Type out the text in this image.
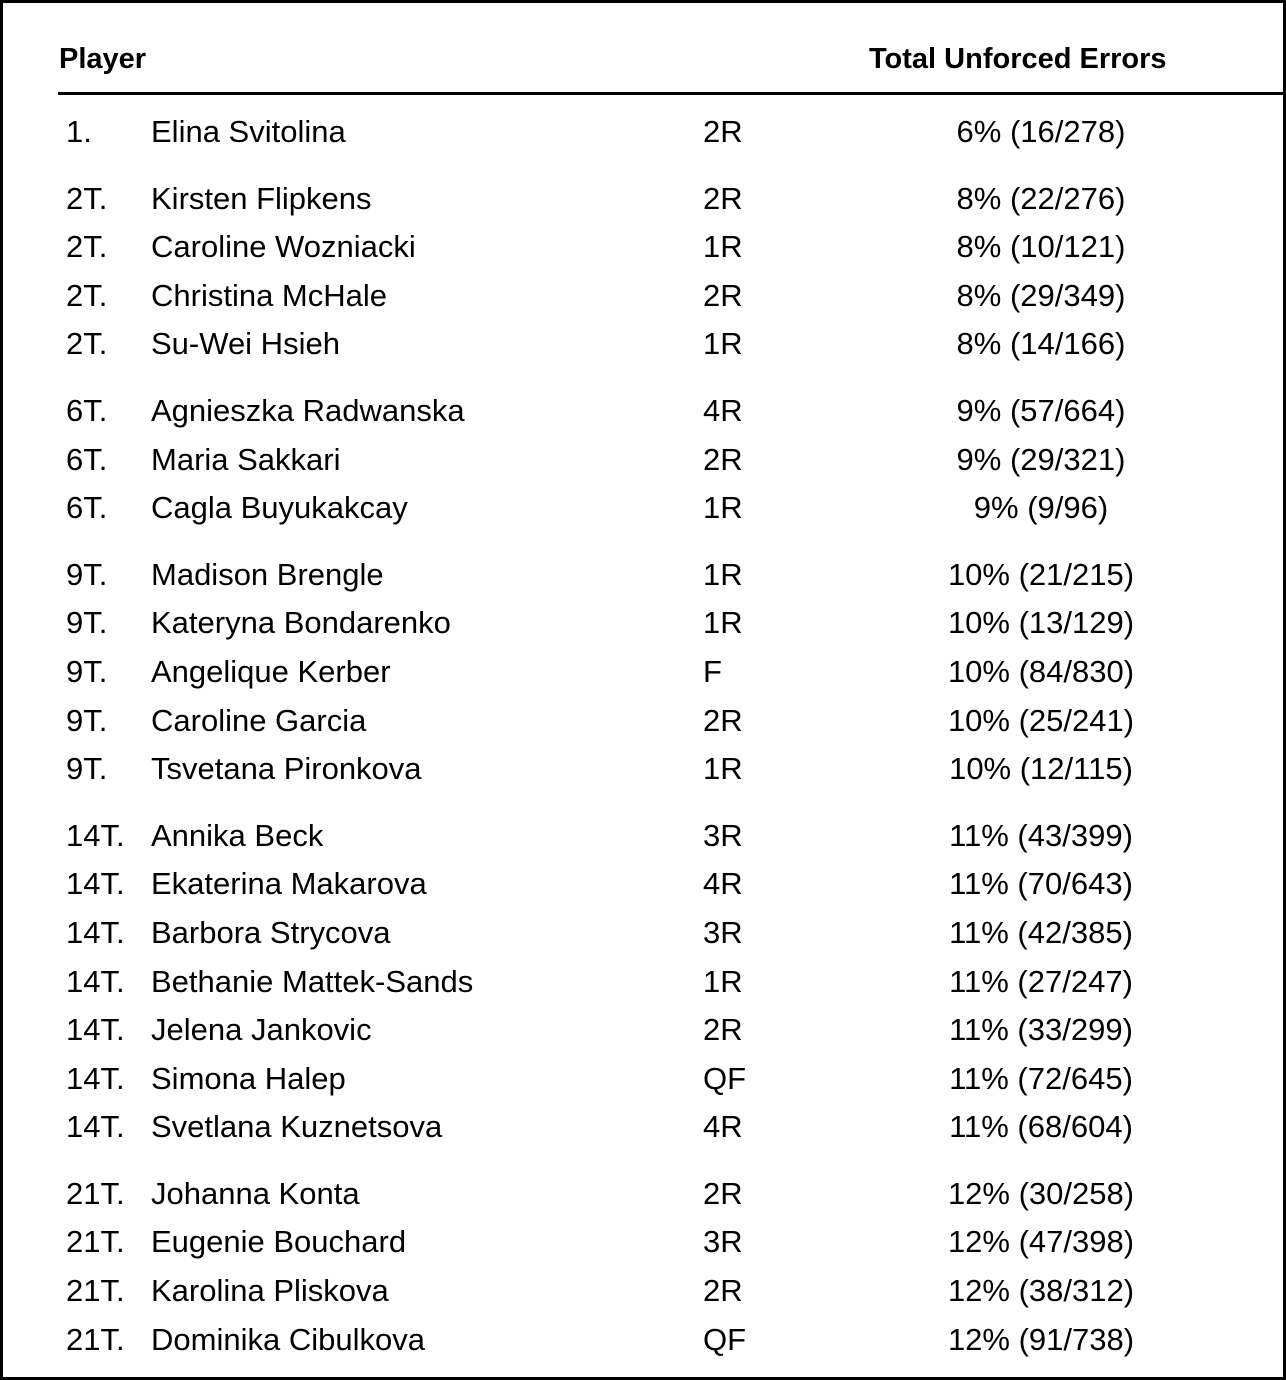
Player	Total Unforced Errors
1. Elina Svitolina	2R	6% (16/278)
2T. Kirsten Flipkens	2R	8% (22/276)
2T. Caroline Wozniacki	1R	8% (10/121)
2T. Christina McHale	2R	8% (29/349)
2T. Su-Wei Hsieh	1R	8% (14/166)
6T. Agnieszka Radwanska	4R	9% (57/664)
6T. Maria Sakkari	2R	9% (29/321)
6T. Cagla Buyukakcay	1R	9% (9/96)
9T. Madison Brengle	1R	10% (21/215)
9T. Kateryna Bondarenko	1R	10% (13/129)
9T. Angelique Kerber	F	10% (84/830)
9T. Caroline Garcia	2R	10% (25/241)
9T. Tsvetana Pironkova	1R	10% (12/115)
14T. Annika Beck	3R	11% (43/399)
14T. Ekaterina Makarova	4R	11% (70/643)
14T. Barbora Strycova	3R	11% (42/385)
14T. Bethanie Mattek-Sands	1R	11% (27/247)
14T. Jelena Jankovic	2R	11% (33/299)
14T. Simona Halep	QF	11% (72/645)
14T. Svetlana Kuznetsova	4R	11% (68/604)
21T. Johanna Konta	2R	12% (30/258)
21T. Eugenie Bouchard	3R	12% (47/398)
21T. Karolina Pliskova	2R	12% (38/312)
21T. Dominika Cibulkova	QF	12% (91/738)
